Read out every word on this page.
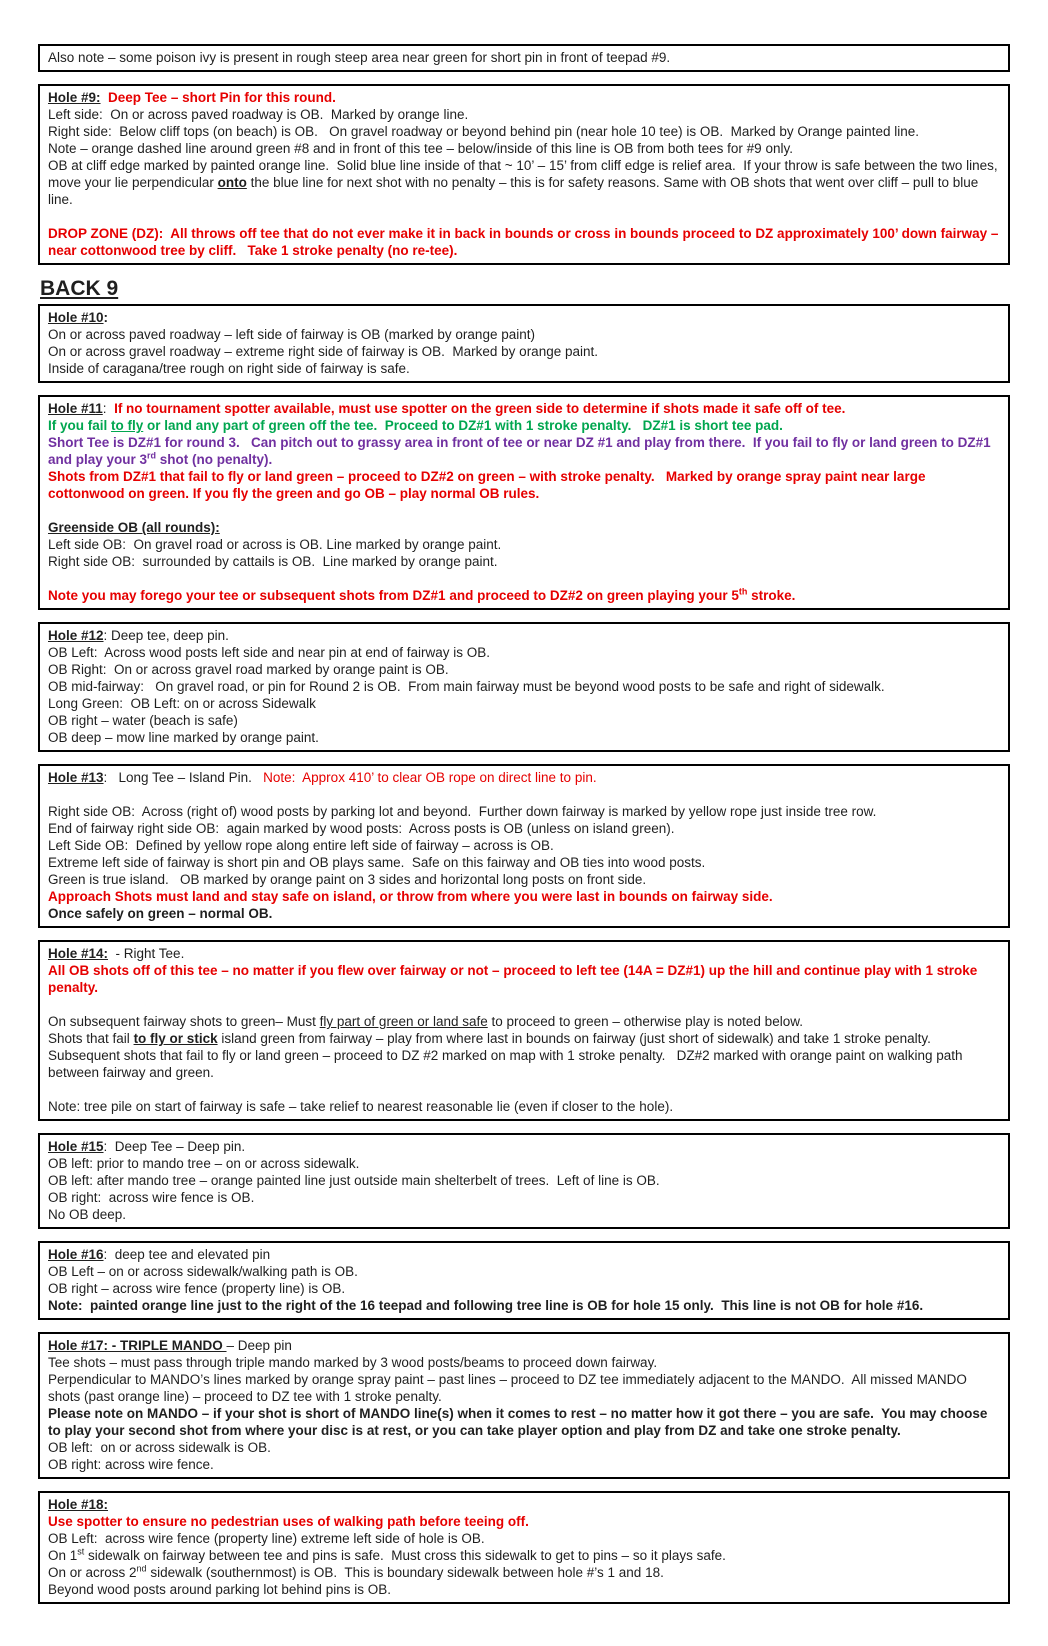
Also note – some poison ivy is present in rough steep area near green for short pin in front of teepad #9.
Hole #9: Deep Tee – short Pin for this round.
Left side:  On or across paved roadway is OB.  Marked by orange line.
Right side:  Below cliff tops (on beach) is OB.   On gravel roadway or beyond behind pin (near hole 10 tee) is OB.  Marked by Orange painted line.
Note – orange dashed line around green #8 and in front of this tee – below/inside of this line is OB from both tees for #9 only.
OB at cliff edge marked by painted orange line.  Solid blue line inside of that ~ 10’ – 15’ from cliff edge is relief area.  If your throw is safe between the two lines, move your lie perpendicular onto the blue line for next shot with no penalty – this is for safety reasons. Same with OB shots that went over cliff – pull to blue line.
DROP ZONE (DZ):  All throws off tee that do not ever make it in back in bounds or cross in bounds proceed to DZ approximately 100’ down fairway – near cottonwood tree by cliff.   Take 1 stroke penalty (no re-tee).
BACK 9
Hole #10:
On or across paved roadway – left side of fairway is OB (marked by orange paint)
On or across gravel roadway – extreme right side of fairway is OB.  Marked by orange paint.
Inside of caragana/tree rough on right side of fairway is safe.
Hole #11:  If no tournament spotter available, must use spotter on the green side to determine if shots made it safe off of tee.
If you fail to fly or land any part of green off the tee.  Proceed to DZ#1 with 1 stroke penalty.   DZ#1 is short tee pad.
Short Tee is DZ#1 for round 3.   Can pitch out to grassy area in front of tee or near DZ #1 and play from there.  If you fail to fly or land green to DZ#1 and play your 3rd shot (no penalty).
Shots from DZ#1 that fail to fly or land green – proceed to DZ#2 on green – with stroke penalty.   Marked by orange spray paint near large cottonwood on green. If you fly the green and go OB – play normal OB rules.
Greenside OB (all rounds):
Left side OB:  On gravel road or across is OB. Line marked by orange paint.
Right side OB:  surrounded by cattails is OB.  Line marked by orange paint.
Note you may forego your tee or subsequent shots from DZ#1 and proceed to DZ#2 on green playing your 5th stroke.
Hole #12: Deep tee, deep pin.
OB Left:  Across wood posts left side and near pin at end of fairway is OB.
OB Right:  On or across gravel road marked by orange paint is OB.
OB mid-fairway:   On gravel road, or pin for Round 2 is OB.  From main fairway must be beyond wood posts to be safe and right of sidewalk.
Long Green:  OB Left: on or across Sidewalk
OB right – water (beach is safe)
OB deep – mow line marked by orange paint.
Hole #13:   Long Tee – Island Pin.   Note:  Approx 410’ to clear OB rope on direct line to pin.
Right side OB:  Across (right of) wood posts by parking lot and beyond.  Further down fairway is marked by yellow rope just inside tree row.
End of fairway right side OB:  again marked by wood posts:  Across posts is OB (unless on island green).
Left Side OB:  Defined by yellow rope along entire left side of fairway – across is OB.
Extreme left side of fairway is short pin and OB plays same.  Safe on this fairway and OB ties into wood posts.
Green is true island.   OB marked by orange paint on 3 sides and horizontal long posts on front side.
Approach Shots must land and stay safe on island, or throw from where you were last in bounds on fairway side.
Once safely on green – normal OB.
Hole #14:  - Right Tee.
All OB shots off of this tee – no matter if you flew over fairway or not – proceed to left tee (14A = DZ#1) up the hill and continue play with 1 stroke penalty.
On subsequent fairway shots to green– Must fly part of green or land safe to proceed to green – otherwise play is noted below.
Shots that fail to fly or stick island green from fairway – play from where last in bounds on fairway (just short of sidewalk) and take 1 stroke penalty.
Subsequent shots that fail to fly or land green – proceed to DZ #2 marked on map with 1 stroke penalty.   DZ#2 marked with orange paint on walking path between fairway and green.
Note: tree pile on start of fairway is safe – take relief to nearest reasonable lie (even if closer to the hole).
Hole #15:  Deep Tee – Deep pin.
OB left: prior to mando tree – on or across sidewalk.
OB left: after mando tree – orange painted line just outside main shelterbelt of trees.  Left of line is OB.
OB right:  across wire fence is OB.
No OB deep.
Hole #16:  deep tee and elevated pin
OB Left – on or across sidewalk/walking path is OB.
OB right – across wire fence (property line) is OB.
Note:  painted orange line just to the right of the 16 teepad and following tree line is OB for hole 15 only.  This line is not OB for hole #16.
Hole #17: - TRIPLE MANDO – Deep pin
Tee shots – must pass through triple mando marked by 3 wood posts/beams to proceed down fairway.
Perpendicular to MANDO’s lines marked by orange spray paint – past lines – proceed to DZ tee immediately adjacent to the MANDO.  All missed MANDO shots (past orange line) – proceed to DZ tee with 1 stroke penalty.
Please note on MANDO – if your shot is short of MANDO line(s) when it comes to rest – no matter how it got there – you are safe.  You may choose to play your second shot from where your disc is at rest, or you can take player option and play from DZ and take one stroke penalty.
OB left:  on or across sidewalk is OB.
OB right: across wire fence.
Hole #18:
Use spotter to ensure no pedestrian uses of walking path before teeing off.
OB Left:  across wire fence (property line) extreme left side of hole is OB.
On 1st sidewalk on fairway between tee and pins is safe.  Must cross this sidewalk to get to pins – so it plays safe.
On or across 2nd sidewalk (southernmost) is OB.  This is boundary sidewalk between hole #’s 1 and 18.
Beyond wood posts around parking lot behind pins is OB.
